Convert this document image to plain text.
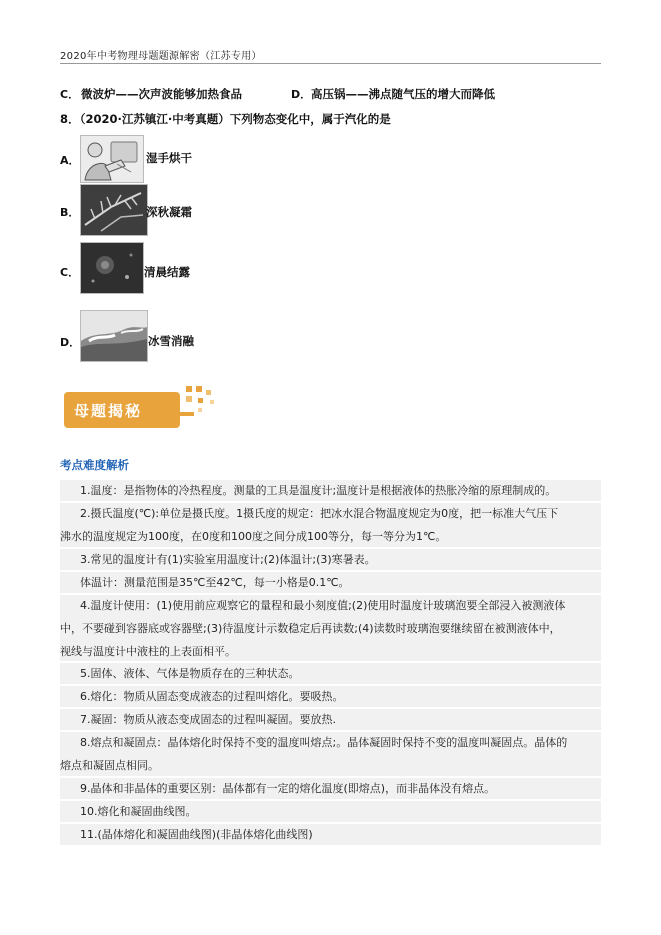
2020年中考物理母题题源解密（江苏专用）
C． 微波炉——次声波能够加热食品	D． 高压锅——沸点随气压的增大而降低
8．
（2020·江苏镇江·中考真题）下列物态变化中，属于汽化的是
A．	湿手烘干
B．	深秋凝霜
C．	清晨结露
D．	冰雪消融
母题揭秘
考点难度解析
1.温度：是指物体的冷热程度。测量的工具是温度计;温度计是根据液体的热胀冷缩的原理制成的。
2.摄氏温度(℃):单位是摄氏度。1摄氏度的规定：把冰水混合物温度规定为0度，把一标准大气压下
沸水的温度规定为100度，在0度和100度之间分成100等分，每一等分为1℃。
3.常见的温度计有(1)实验室用温度计;(2)体温计;(3)寒暑表。
体温计：测量范围是35℃至42℃，每一小格是0.1℃。
4.温度计使用：(1)使用前应观察它的量程和最小刻度值;(2)使用时温度计玻璃泡要全部浸入被测液体
中，不要碰到容器底或容器壁;(3)待温度计示数稳定后再读数;(4)读数时玻璃泡要继续留在被测液体中，
视线与温度计中液柱的上表面相平。
5.固体、液体、气体是物质存在的三种状态。
6.熔化：物质从固态变成液态的过程叫熔化。要吸热。
7.凝固：物质从液态变成固态的过程叫凝固。要放热.
8.熔点和凝固点：晶体熔化时保持不变的温度叫熔点;。晶体凝固时保持不变的温度叫凝固点。晶体的
熔点和凝固点相同。
9.晶体和非晶体的重要区别：晶体都有一定的熔化温度(即熔点)，而非晶体没有熔点。
10.熔化和凝固曲线图。
11.(晶体熔化和凝固曲线图)(非晶体熔化曲线图)
